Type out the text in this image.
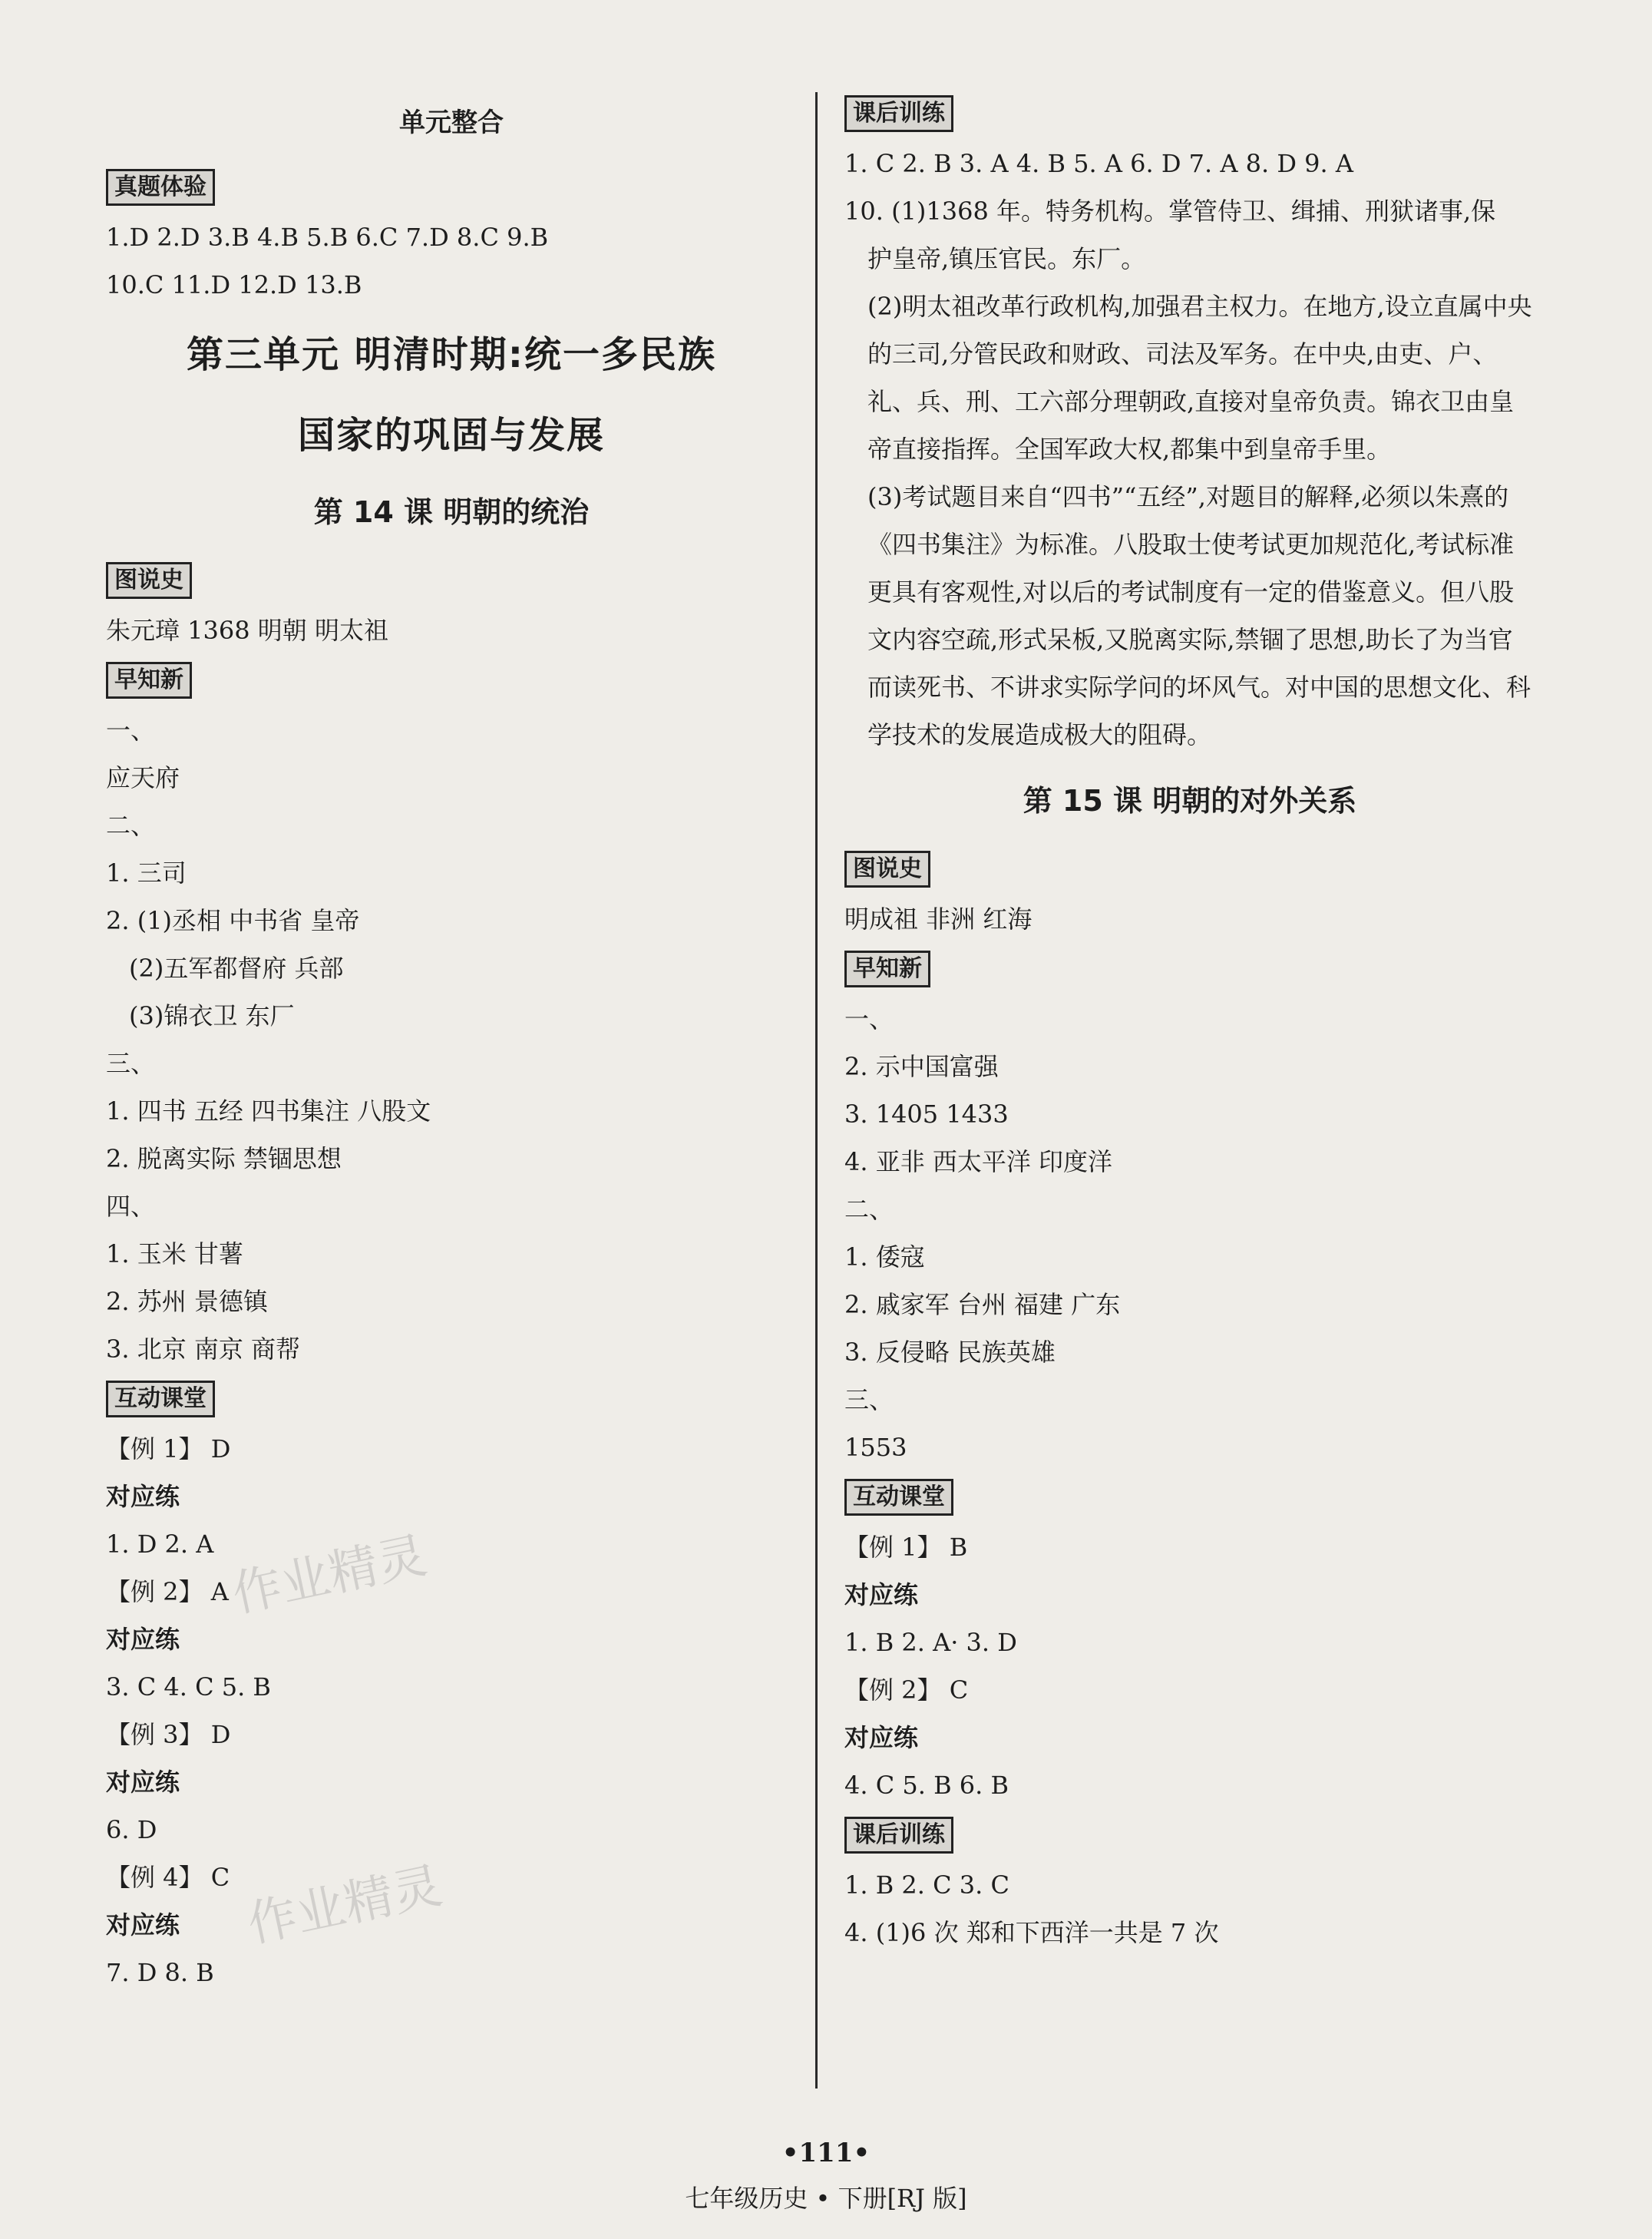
作业精灵
作业精灵
单元整合
真题体验
1.D 2.D 3.B 4.B 5.B 6.C 7.D 8.C 9.B
10.C 11.D 12.D 13.B
第三单元 明清时期:统一多民族
国家的巩固与发展
第 14 课 明朝的统治
图说史
朱元璋 1368 明朝 明太祖
早知新
一、
应天府
二、
1. 三司
2. (1)丞相 中书省 皇帝
(2)五军都督府 兵部
(3)锦衣卫 东厂
三、
1. 四书 五经 四书集注 八股文
2. 脱离实际 禁锢思想
四、
1. 玉米 甘薯
2. 苏州 景德镇
3. 北京 南京 商帮
互动课堂
【例 1】 D
对应练
1. D 2. A
【例 2】 A
对应练
3. C 4. C 5. B
【例 3】 D
对应练
6. D
【例 4】 C
对应练
7. D 8. B
课后训练
1. C 2. B 3. A 4. B 5. A 6. D 7. A 8. D 9. A
10. (1)1368 年。特务机构。掌管侍卫、缉捕、刑狱诸事,保
护皇帝,镇压官民。东厂。
(2)明太祖改革行政机构,加强君主权力。在地方,设立直属中央的三司,分管民政和财政、司法及军务。在中央,由吏、户、礼、兵、刑、工六部分理朝政,直接对皇帝负责。锦衣卫由皇帝直接指挥。全国军政大权,都集中到皇帝手里。
(3)考试题目来自“四书”“五经”,对题目的解释,必须以朱熹的《四书集注》为标准。八股取士使考试更加规范化,考试标准更具有客观性,对以后的考试制度有一定的借鉴意义。但八股文内容空疏,形式呆板,又脱离实际,禁锢了思想,助长了为当官而读死书、不讲求实际学问的坏风气。对中国的思想文化、科学技术的发展造成极大的阻碍。
第 15 课 明朝的对外关系
图说史
明成祖 非洲 红海
早知新
一、
2. 示中国富强
3. 1405 1433
4. 亚非 西太平洋 印度洋
二、
1. 倭寇
2. 戚家军 台州 福建 广东
3. 反侵略 民族英雄
三、
1553
互动课堂
【例 1】 B
对应练
1. B 2. A· 3. D
【例 2】 C
对应练
4. C 5. B 6. B
课后训练
1. B 2. C 3. C
4. (1)6 次 郑和下西洋一共是 7 次
•111•
七年级历史 • 下册[RJ 版]
